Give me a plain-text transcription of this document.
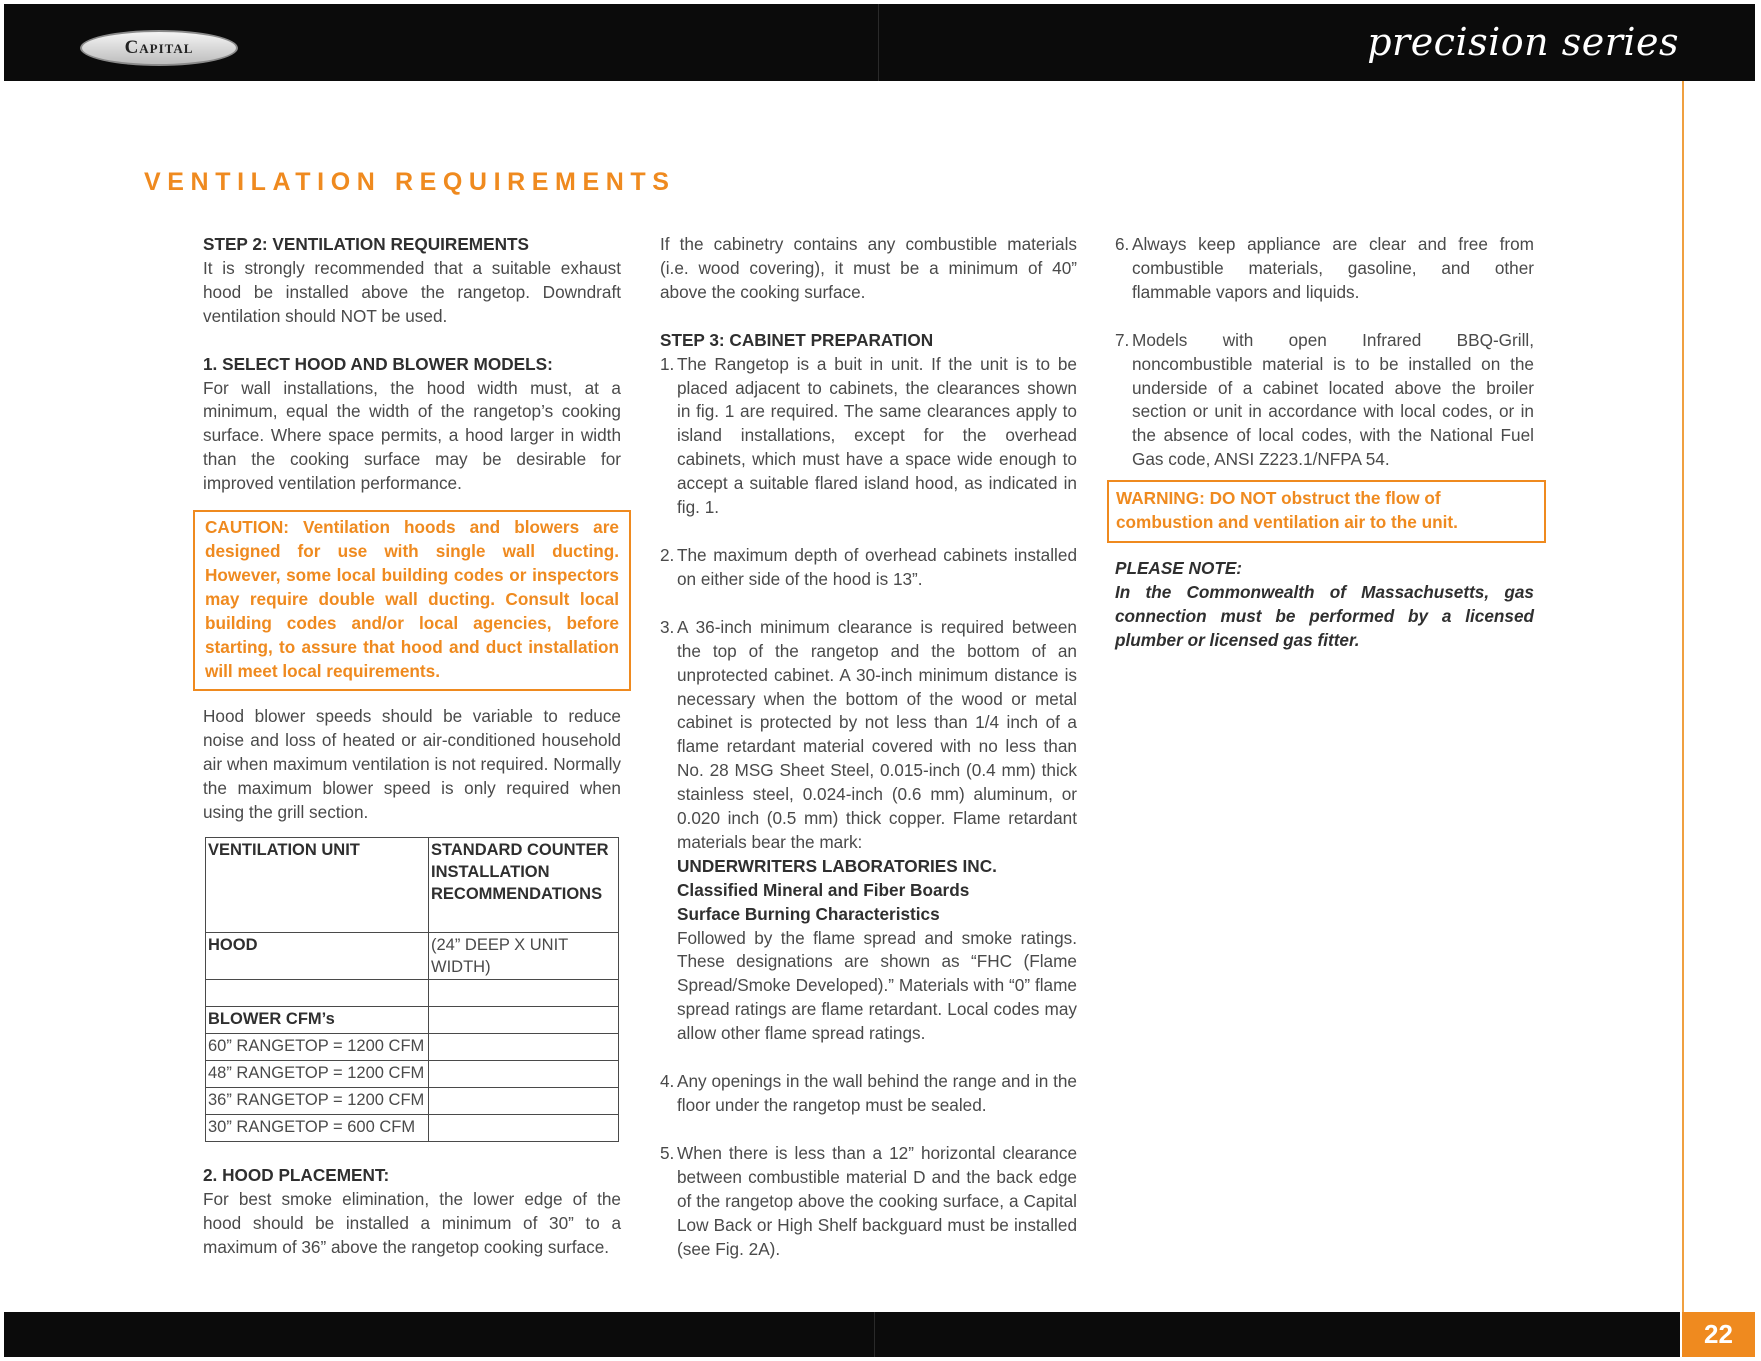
Capital	precision series
VENTILATION REQUIREMENTS

STEP 2: VENTILATION REQUIREMENTS

It is strongly recommended that a suitable exhaust hood be installed above the rangetop. Downdraft ventilation should NOT be used.

1. SELECT HOOD AND BLOWER MODELS:

For wall installations, the hood width must, at a minimum, equal the width of the rangetop’s cooking surface. Where space permits, a hood larger in width than the cooking surface may be desirable for improved ventilation performance.

CAUTION: Ventilation hoods and blowers are designed for use with single wall ducting. However, some local building codes or inspectors may require double wall ducting. Consult local building codes and/or local agencies, before starting, to assure that hood and duct installation will meet local requirements.

Hood blower speeds should be variable to reduce noise and loss of heated or air-conditioned household air when maximum ventilation is not required. Normally the maximum blower speed is only required when using the grill section.

VENTILATION UNIT	STANDARD COUNTER INSTALLATION RECOMMENDATIONS
HOOD	(24” DEEP X UNIT WIDTH)

BLOWER CFM’s	
60” RANGETOP = 1200 CFM	
48” RANGETOP = 1200 CFM	
36” RANGETOP = 1200 CFM	
30” RANGETOP = 600 CFM	

2. HOOD PLACEMENT:

For best smoke elimination, the lower edge of the hood should be installed a minimum of 30” to a maximum of 36” above the rangetop cooking surface.

If the cabinetry contains any combustible materials (i.e. wood covering), it must be a minimum of 40” above the cooking surface.

STEP 3: CABINET PREPARATION

1. The Rangetop is a buit in unit. If the unit is to be placed adjacent to cabinets, the clearances shown in fig. 1 are required. The same clearances apply to island installations, except for the overhead cabinets, which must have a space wide enough to accept a suitable flared island hood, as indicated in fig. 1.
2. The maximum depth of overhead cabinets installed on either side of the hood is 13”.
3. A 36-inch minimum clearance is required between the top of the rangetop and the bottom of an unprotected cabinet. A 30-inch minimum distance is necessary when the bottom of the wood or metal cabinet is protected by not less than 1/4 inch of a flame retardant material covered with no less than No. 28 MSG Sheet Steel, 0.015-inch (0.4 mm) thick stainless steel, 0.024-inch (0.6 mm) aluminum, or 0.020 inch (0.5 mm) thick copper. Flame retardant materials bear the mark:
UNDERWRITERS LABORATORIES INC.
Classified Mineral and Fiber Boards
Surface Burning Characteristics
Followed by the flame spread and smoke ratings. These designations are shown as “FHC (Flame Spread/Smoke Developed).” Materials with “0” flame spread ratings are flame retardant. Local codes may allow other flame spread ratings.
4. Any openings in the wall behind the range and in the floor under the rangetop must be sealed.
5. When there is less than a 12” horizontal clearance between combustible material D and the back edge of the rangetop above the cooking surface, a Capital Low Back or High Shelf backguard must be installed (see Fig. 2A).
6. Always keep appliance are clear and free from combustible materials, gasoline, and other flammable vapors and liquids.
7. Models with open Infrared BBQ-Grill, noncombustible material is to be installed on the underside of a cabinet located above the broiler section or unit in accordance with local codes, or in the absence of local codes, with the National Fuel Gas code, ANSI Z223.1/NFPA 54.
WARNING: DO NOT obstruct the flow of combustion and ventilation air to the unit.

PLEASE NOTE:

In the Commonwealth of Massachusetts, gas connection must be performed by a licensed plumber or licensed gas fitter.

22
